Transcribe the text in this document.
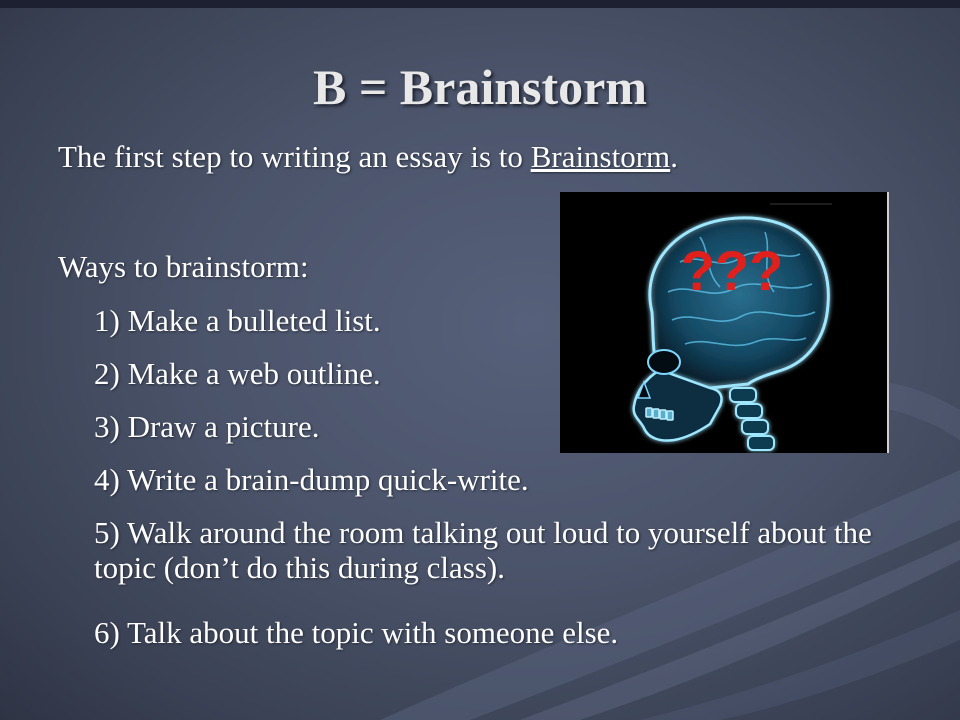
B = Brainstorm
The first step to writing an essay is to Brainstorm.
Ways to brainstorm:
1) Make a bulleted list.
2) Make a web outline.
3) Draw a picture.
4) Write a brain-dump quick-write.
5) Walk around the room talking out loud to yourself about the topic (don’t do this during class).
6) Talk about the topic with someone else.
???
